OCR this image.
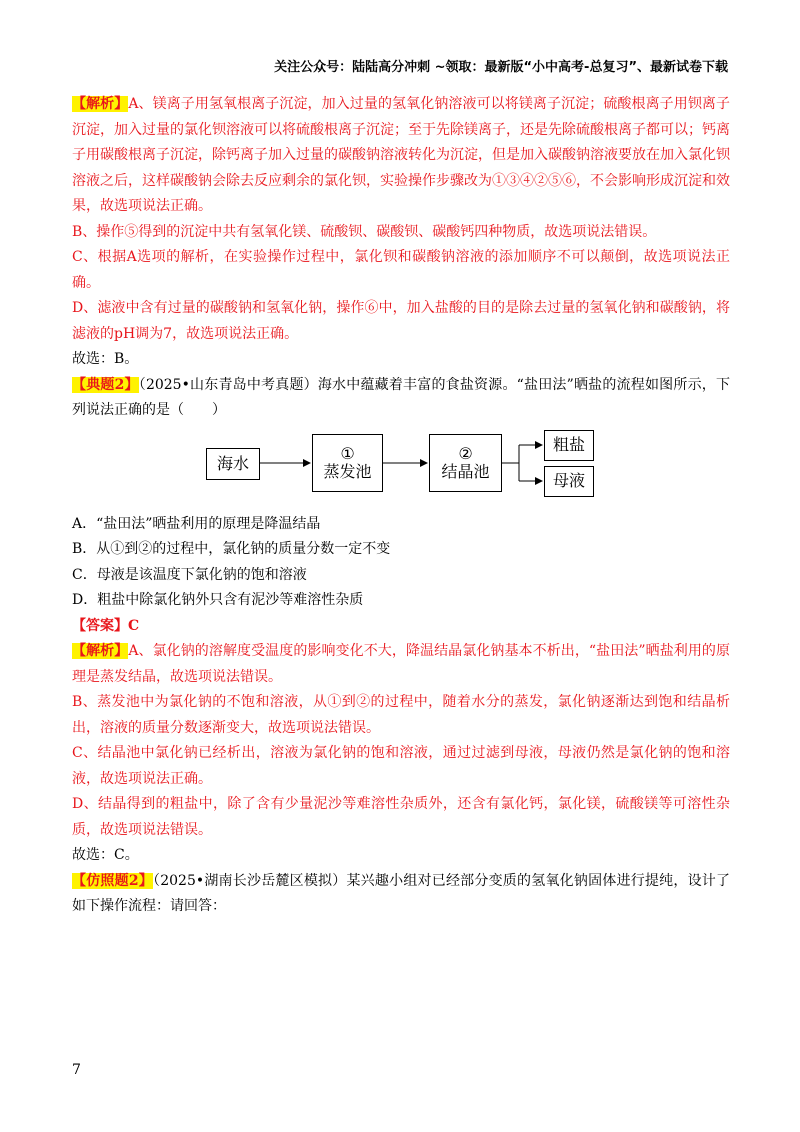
关注公众号：陆陆高分冲刺 ~领取：最新版“小中高考-总复习”、最新试卷下载

【解析】A、镁离子用氢氧根离子沉淀，加入过量的氢氧化钠溶液可以将镁离子沉淀；硫酸根离子用钡离子沉淀，加入过量的氯化钡溶液可以将硫酸根离子沉淀；至于先除镁离子，还是先除硫酸根离子都可以；钙离子用碳酸根离子沉淀，除钙离子加入过量的碳酸钠溶液转化为沉淀，但是加入碳酸钠溶液要放在加入氯化钡溶液之后，这样碳酸钠会除去反应剩余的氯化钡，实验操作步骤改为①③④②⑤⑥，不会影响形成沉淀和效果，故选项说法正确。

B、操作⑤得到的沉淀中共有氢氧化镁、硫酸钡、碳酸钡、碳酸钙四种物质，故选项说法错误。

C、根据A选项的解析，在实验操作过程中，氯化钡和碳酸钠溶液的添加顺序不可以颠倒，故选项说法正确。

D、滤液中含有过量的碳酸钠和氢氧化钠，操作⑥中，加入盐酸的目的是除去过量的氢氧化钠和碳酸钠，将滤液的pH调为7，故选项说法正确。

故选：B。

【典题2】（2025•山东青岛中考真题）海水中蕴藏着丰富的食盐资源。“盐田法”晒盐的流程如图所示，下列说法正确的是（　　）

海水
①
蒸发池
②
结晶池
粗盐
母液

A．“盐田法”晒盐利用的原理是降温结晶

B．从①到②的过程中，氯化钠的质量分数一定不变

C．母液是该温度下氯化钠的饱和溶液

D．粗盐中除氯化钠外只含有泥沙等难溶性杂质

【答案】C

【解析】A、氯化钠的溶解度受温度的影响变化不大，降温结晶氯化钠基本不析出，“盐田法”晒盐利用的原理是蒸发结晶，故选项说法错误。

B、蒸发池中为氯化钠的不饱和溶液，从①到②的过程中，随着水分的蒸发，氯化钠逐渐达到饱和结晶析出，溶液的质量分数逐渐变大，故选项说法错误。

C、结晶池中氯化钠已经析出，溶液为氯化钠的饱和溶液，通过过滤到母液，母液仍然是氯化钠的饱和溶液，故选项说法正确。

D、结晶得到的粗盐中，除了含有少量泥沙等难溶性杂质外，还含有氯化钙，氯化镁，硫酸镁等可溶性杂质，故选项说法错误。

故选：C。

【仿照题2】（2025•湖南长沙岳麓区模拟）某兴趣小组对已经部分变质的氢氧化钠固体进行提纯，设计了如下操作流程：请回答：

7
